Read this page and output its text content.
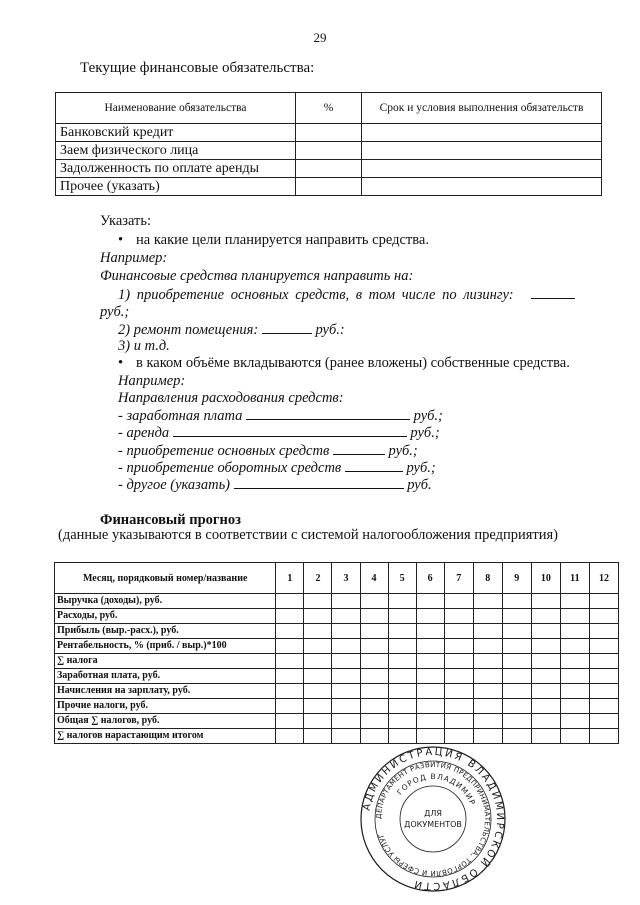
29
Текущие финансовые обязательства:
Наименование обязательства	%	Срок и условия выполнения обязательств
Банковский кредит		
Заем физического лица		
Задолженность по оплате аренды		
Прочее (указать)		
Указать:
• на какие цели планируется направить средства.
Например:
Финансовые средства планируется направить на:
1) приобретение основных средств, в том числе по лизингу:
руб.;
2) ремонт помещения:	руб.:
3) и т.д.
• в каком объёме вкладываются (ранее вложены) собственные средства.
Например:
Направления расходования средств:
- заработная плата	руб.;
- аренда	руб.;
- приобретение основных средств	руб.;
- приобретение оборотных средств	руб.;
- другое (указать)	руб.
Финансовый прогноз
(данные указываются в соответствии с системой налогообложения предприятия)
Месяц, порядковый номер/название	1	2	3	4	5	6	7	8	9	10	11	12
Выручка (доходы), руб.												
Расходы, руб.												
Прибыль (выр.-расх.), руб.												
Рентабельность, % (приб. / выр.)*100												
∑ налога												
Заработная плата, руб.												
Начисления на зарплату, руб.												
Прочие налоги, руб.												
Общая ∑ налогов, руб.												
∑ налогов нарастающим итогом												
АДМИНИСТРАЦИЯ ВЛАДИМИРСКОЙ ОБЛАСТИ
ДЕПАРТАМЕНТ РАЗВИТИЯ ПРЕДПРИНИМАТЕЛЬСТВА, ТОРГОВЛИ И СФЕРЫ УСЛУГ
ГОРОД ВЛАДИМИР
ДЛЯ
ДОКУМЕНТОВ
